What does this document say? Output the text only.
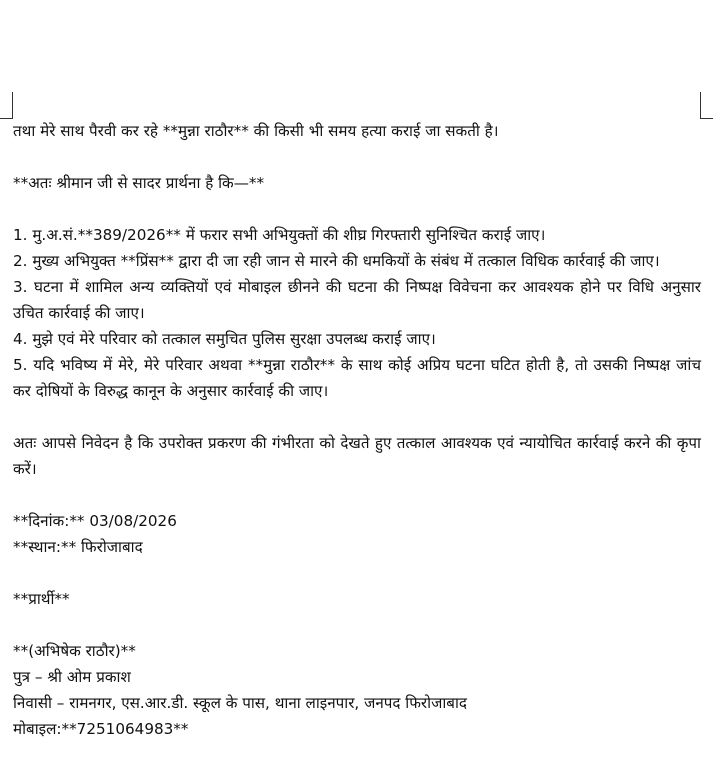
तथा मेरे साथ पैरवी कर रहे **मुन्ना राठौर** की किसी भी समय हत्या कराई जा सकती है।

**अतः श्रीमान जी से सादर प्रार्थना है कि—**

1. मु.अ.सं.**389/2026** में फरार सभी अभियुक्तों की शीघ्र गिरफ्तारी सुनिश्चित कराई जाए।

2. मुख्य अभियुक्त **प्रिंस** द्वारा दी जा रही जान से मारने की धमकियों के संबंध में तत्काल विधिक कार्रवाई की जाए।

3. घटना में शामिल अन्य व्यक्तियों एवं मोबाइल छीनने की घटना की निष्पक्ष विवेचना कर आवश्यक होने पर विधि अनुसार उचित कार्रवाई की जाए।

4. मुझे एवं मेरे परिवार को तत्काल समुचित पुलिस सुरक्षा उपलब्ध कराई जाए।

5. यदि भविष्य में मेरे, मेरे परिवार अथवा **मुन्ना राठौर** के साथ कोई अप्रिय घटना घटित होती है, तो उसकी निष्पक्ष जांच कर दोषियों के विरुद्ध कानून के अनुसार कार्रवाई की जाए।

अतः आपसे निवेदन है कि उपरोक्त प्रकरण की गंभीरता को देखते हुए तत्काल आवश्यक एवं न्यायोचित कार्रवाई करने की कृपा करें।

**दिनांक:** 03/08/2026

**स्थान:** फिरोजाबाद

**प्रार्थी**

**(अभिषेक राठौर)**

पुत्र – श्री ओम प्रकाश

निवासी – रामनगर, एस.आर.डी. स्कूल के पास, थाना लाइनपार, जनपद फिरोजाबाद

मोबाइल:**7251064983**
